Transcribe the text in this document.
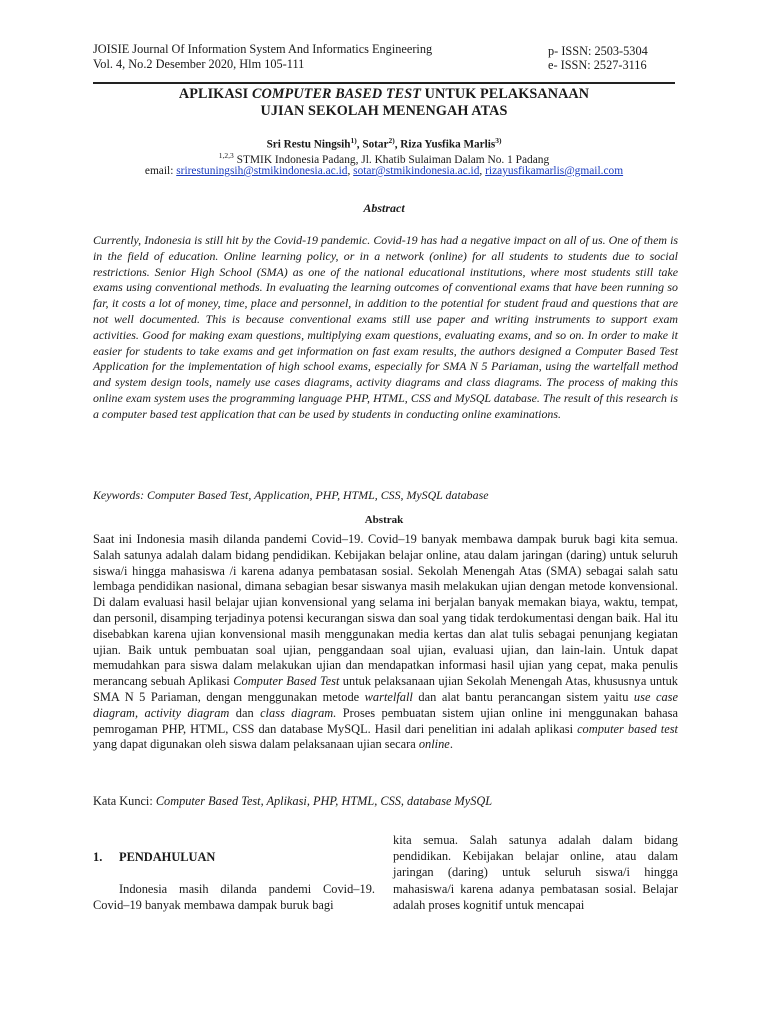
JOISIE Journal Of Information System And Informatics Engineering
Vol. 4, No.2 Desember 2020, Hlm 105-111
p- ISSN: 2503-5304
e- ISSN: 2527-3116
APLIKASI COMPUTER BASED TEST UNTUK PELAKSANAAN
UJIAN SEKOLAH MENENGAH ATAS
Sri Restu Ningsih$^{1)}$, Sotar$^{2)}$, Riza Yusfika Marlis$^{3)}$
$^{1,2,3}$ STMIK Indonesia Padang, Jl. Khatib Sulaiman Dalam No. 1 Padang
email: srirestuningsih@stmikindonesia.ac.id, sotar@stmikindonesia.ac.id, rizayusfikamarlis@gmail.com
Abstract
Currently, Indonesia is still hit by the Covid-19 pandemic. Covid-19 has had a negative impact on all of us. One of them is in the field of education. Online learning policy, or in a network (online) for all students to students due to social restrictions. Senior High School (SMA) as one of the national educational institutions, where most students still take exams using conventional methods. In evaluating the learning outcomes of conventional exams that have been running so far, it costs a lot of money, time, place and personnel, in addition to the potential for student fraud and questions that are not well documented. This is because conventional exams still use paper and writing instruments to support exam activities. Good for making exam questions, multiplying exam questions, evaluating exams, and so on. In order to make it easier for students to take exams and get information on fast exam results, the authors designed a Computer Based Test Application for the implementation of high school exams, especially for SMA N 5 Pariaman, using the wartelfall method and system design tools, namely use cases diagrams, activity diagrams and class diagrams. The process of making this online exam system uses the programming language PHP, HTML, CSS and MySQL database. The result of this research is a computer based test application that can be used by students in conducting online examinations.
Keywords: Computer Based Test, Application, PHP, HTML, CSS, MySQL database
Abstrak
Saat ini Indonesia masih dilanda pandemi Covid–19. Covid–19 banyak membawa dampak buruk bagi kita semua. Salah satunya adalah dalam bidang pendidikan. Kebijakan belajar online, atau dalam jaringan (daring) untuk seluruh siswa/i hingga mahasiswa /i karena adanya pembatasan sosial. Sekolah Menengah Atas (SMA) sebagai salah satu lembaga pendidikan nasional, dimana sebagian besar siswanya masih melakukan ujian dengan metode konvensional. Di dalam evaluasi hasil belajar ujian konvensional yang selama ini berjalan banyak memakan biaya, waktu, tempat, dan personil, disamping terjadinya potensi kecurangan siswa dan soal yang tidak terdokumentasi dengan baik. Hal itu disebabkan karena ujian konvensional masih menggunakan media kertas dan alat tulis sebagai penunjang kegiatan ujian. Baik untuk pembuatan soal ujian, penggandaan soal ujian, evaluasi ujian, dan lain-lain. Untuk dapat memudahkan para siswa dalam melakukan ujian dan mendapatkan informasi hasil ujian yang cepat, maka penulis merancang sebuah Aplikasi Computer Based Test untuk pelaksanaan ujian Sekolah Menengah Atas, khususnya untuk SMA N 5 Pariaman, dengan menggunakan metode wartelfall dan alat bantu perancangan sistem yaitu use case diagram, activity diagram dan class diagram. Proses pembuatan sistem ujian online ini menggunakan bahasa pemrogaman PHP, HTML, CSS dan database MySQL. Hasil dari penelitian ini adalah aplikasi computer based test yang dapat digunakan oleh siswa dalam pelaksanaan ujian secara online.
Kata Kunci: Computer Based Test, Aplikasi, PHP, HTML, CSS, database MySQL
1. PENDAHULUAN

Indonesia masih dilanda pandemi Covid–19. Covid–19 banyak membawa dampak buruk bagi

kita semua. Salah satunya adalah dalam bidang pendidikan. Kebijakan belajar online, atau dalam jaringan (daring) untuk seluruh siswa/i hingga mahasiswa/i karena adanya pembatasan sosial. Belajar adalah proses kognitif untuk mencapai
